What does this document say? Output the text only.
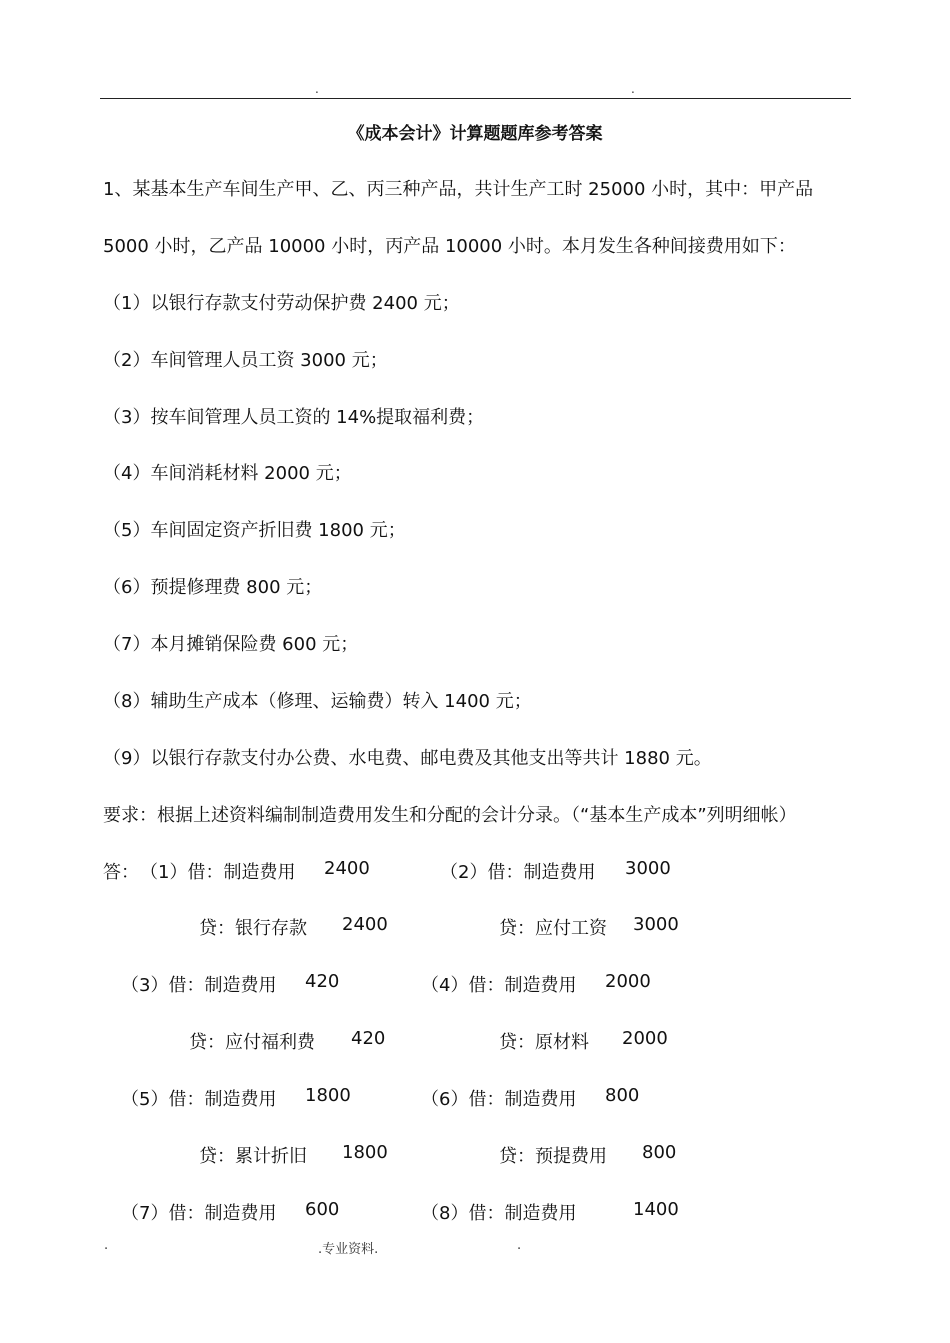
.	.
《成本会计》计算题题库参考答案
1、某基本生产车间生产甲、乙、丙三种产品，共计生产工时 25000 小时，其中：甲产品
5000 小时，乙产品 10000 小时，丙产品 10000 小时。本月发生各种间接费用如下：
（1）以银行存款支付劳动保护费 2400 元；
（2）车间管理人员工资 3000 元；
（3）按车间管理人员工资的 14%提取福利费；
（4）车间消耗材料 2000 元；
（5）车间固定资产折旧费 1800 元；
（6）预提修理费 800 元；
（7）本月摊销保险费 600 元；
（8）辅助生产成本（修理、运输费）转入 1400 元；
（9）以银行存款支付办公费、水电费、邮电费及其他支出等共计 1880 元。
要求：根据上述资料编制制造费用发生和分配的会计分录。（“基本生产成本”列明细帐）
答： （1）借：制造费用 2400	（2）借：制造费用 3000
贷：银行存款 2400	贷：应付工资 3000
（3）借：制造费用 420	（4）借：制造费用 2000
贷：应付福利费 420	贷：原材料 2000
（5）借：制造费用 1800	（6）借：制造费用 800
贷：累计折旧 1800	贷：预提费用 800
（7）借：制造费用 600	（8）借：制造费用	1400
.	.专业资料.	.
